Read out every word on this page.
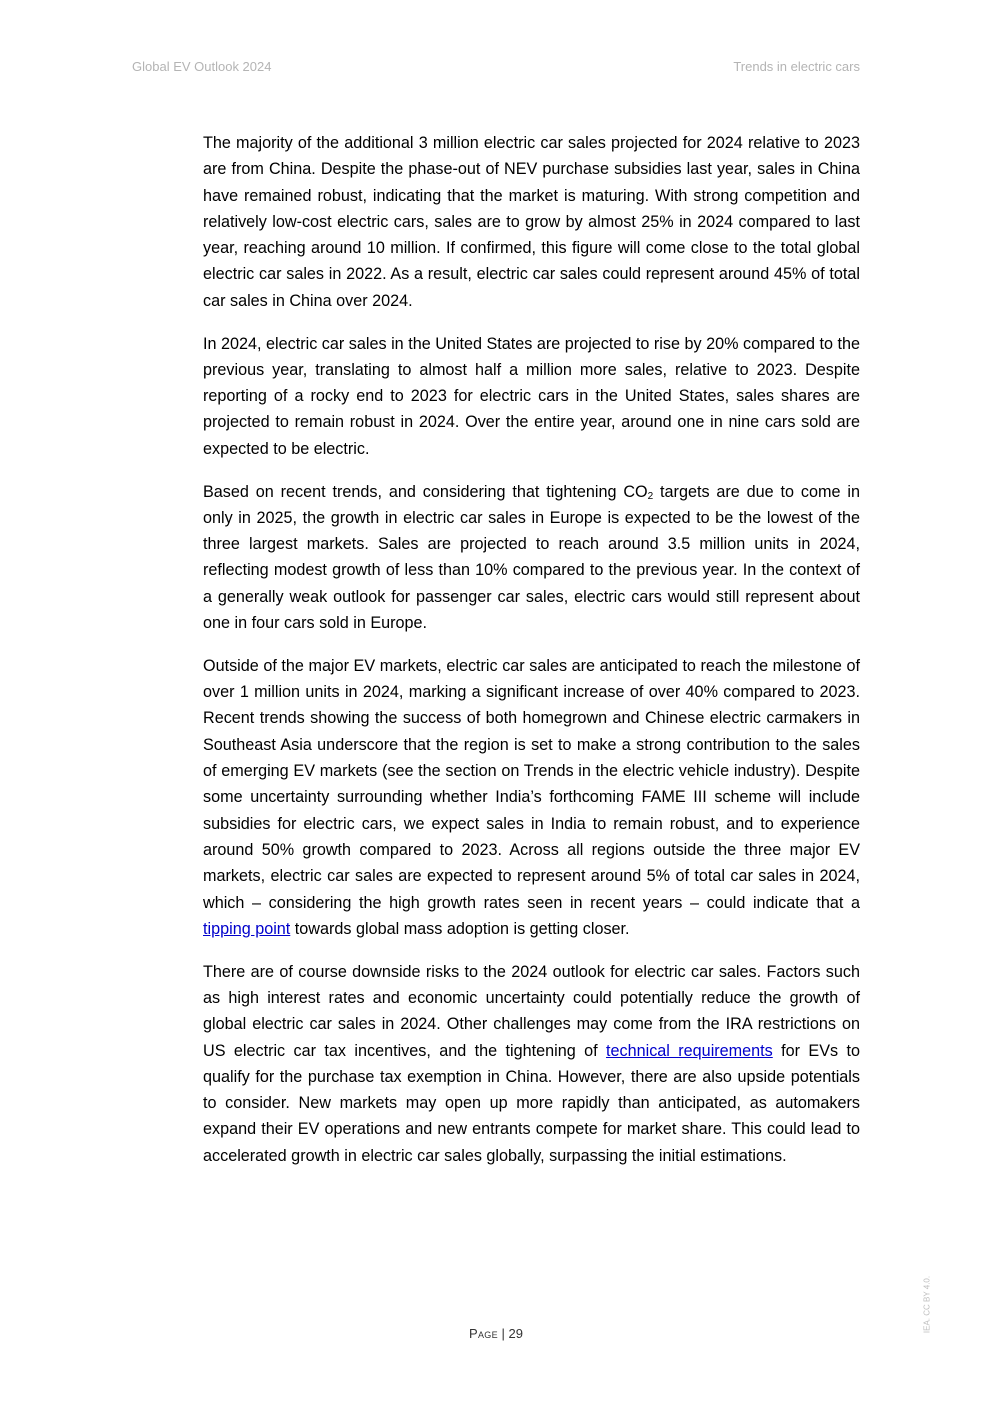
Global EV Outlook 2024	Trends in electric cars

The majority of the additional 3 million electric car sales projected for 2024 relative to 2023 are from China. Despite the phase-out of NEV purchase subsidies last year, sales in China have remained robust, indicating that the market is maturing. With strong competition and relatively low-cost electric cars, sales are to grow by almost 25% in 2024 compared to last year, reaching around 10 million. If confirmed, this figure will come close to the total global electric car sales in 2022. As a result, electric car sales could represent around 45% of total car sales in China over 2024.

In 2024, electric car sales in the United States are projected to rise by 20% compared to the previous year, translating to almost half a million more sales, relative to 2023. Despite reporting of a rocky end to 2023 for electric cars in the United States, sales shares are projected to remain robust in 2024. Over the entire year, around one in nine cars sold are expected to be electric.

Based on recent trends, and considering that tightening $CO_2$ targets are due to come in only in 2025, the growth in electric car sales in Europe is expected to be the lowest of the three largest markets. Sales are projected to reach around 3.5 million units in 2024, reflecting modest growth of less than 10% compared to the previous year. In the context of a generally weak outlook for passenger car sales, electric cars would still represent about one in four cars sold in Europe.

Outside of the major EV markets, electric car sales are anticipated to reach the milestone of over 1 million units in 2024, marking a significant increase of over 40% compared to 2023. Recent trends showing the success of both homegrown and Chinese electric carmakers in Southeast Asia underscore that the region is set to make a strong contribution to the sales of emerging EV markets (see the section on Trends in the electric vehicle industry). Despite some uncertainty surrounding whether India’s forthcoming FAME III scheme will include subsidies for electric cars, we expect sales in India to remain robust, and to experience around 50% growth compared to 2023. Across all regions outside the three major EV markets, electric car sales are expected to represent around 5% of total car sales in 2024, which – considering the high growth rates seen in recent years – could indicate that a tipping point towards global mass adoption is getting closer.

There are of course downside risks to the 2024 outlook for electric car sales. Factors such as high interest rates and economic uncertainty could potentially reduce the growth of global electric car sales in 2024. Other challenges may come from the IRA restrictions on US electric car tax incentives, and the tightening of technical requirements for EVs to qualify for the purchase tax exemption in China. However, there are also upside potentials to consider. New markets may open up more rapidly than anticipated, as automakers expand their EV operations and new entrants compete for market share. This could lead to accelerated growth in electric car sales globally, surpassing the initial estimations.

Page | 29
IEA. CC BY 4.0.
